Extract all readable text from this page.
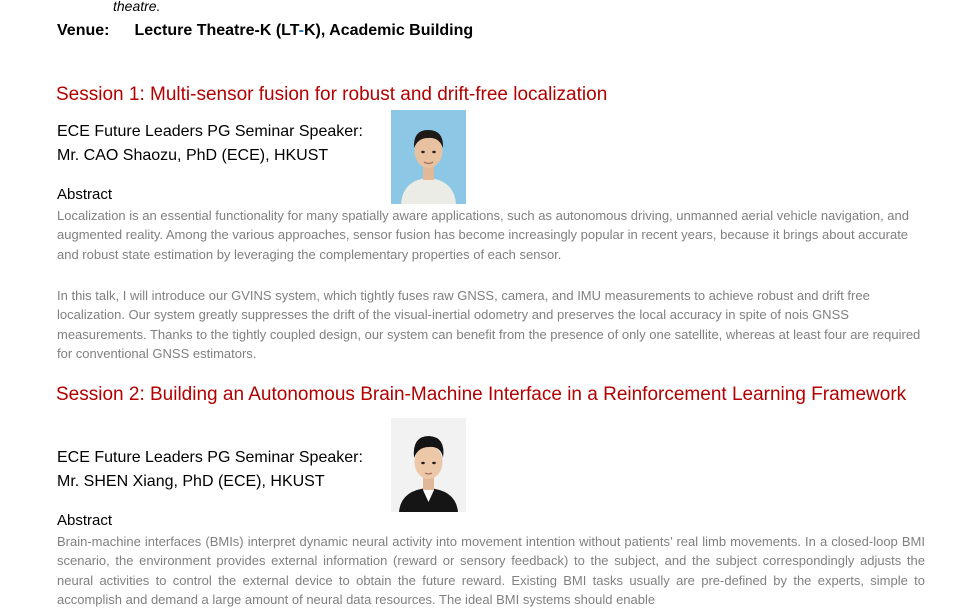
theatre.
Venue: Lecture Theatre-K (LT-K), Academic Building
Session 1: Multi-sensor fusion for robust and drift-free localization
ECE Future Leaders PG Seminar Speaker:
Mr. CAO Shaozu, PhD (ECE), HKUST
Abstract
Localization is an essential functionality for many spatially aware applications, such as autonomous driving, unmanned aerial vehicle navigation, and augmented reality. Among the various approaches, sensor fusion has become increasingly popular in recent years, because it brings about accurate and robust state estimation by leveraging the complementary properties of each sensor.
In this talk, I will introduce our GVINS system, which tightly fuses raw GNSS, camera, and IMU measurements to achieve robust and drift free localization. Our system greatly suppresses the drift of the visual-inertial odometry and preserves the local accuracy in spite of nois GNSS measurements. Thanks to the tightly coupled design, our system can benefit from the presence of only one satellite, whereas at least four are required for conventional GNSS estimators.
Session 2: Building an Autonomous Brain-Machine Interface in a Reinforcement Learning Framework
ECE Future Leaders PG Seminar Speaker:
Mr. SHEN Xiang, PhD (ECE), HKUST
Abstract
Brain-machine interfaces (BMIs) interpret dynamic neural activity into movement intention without patients’ real limb movements. In a closed-loop BMI scenario, the environment provides external information (reward or sensory feedback) to the subject, and the subject correspondingly adjusts the neural activities to control the external device to obtain the future reward. Existing BMI tasks usually are pre-defined by the experts, simple to accomplish and demand a large amount of neural data resources. The ideal BMI systems should enable
